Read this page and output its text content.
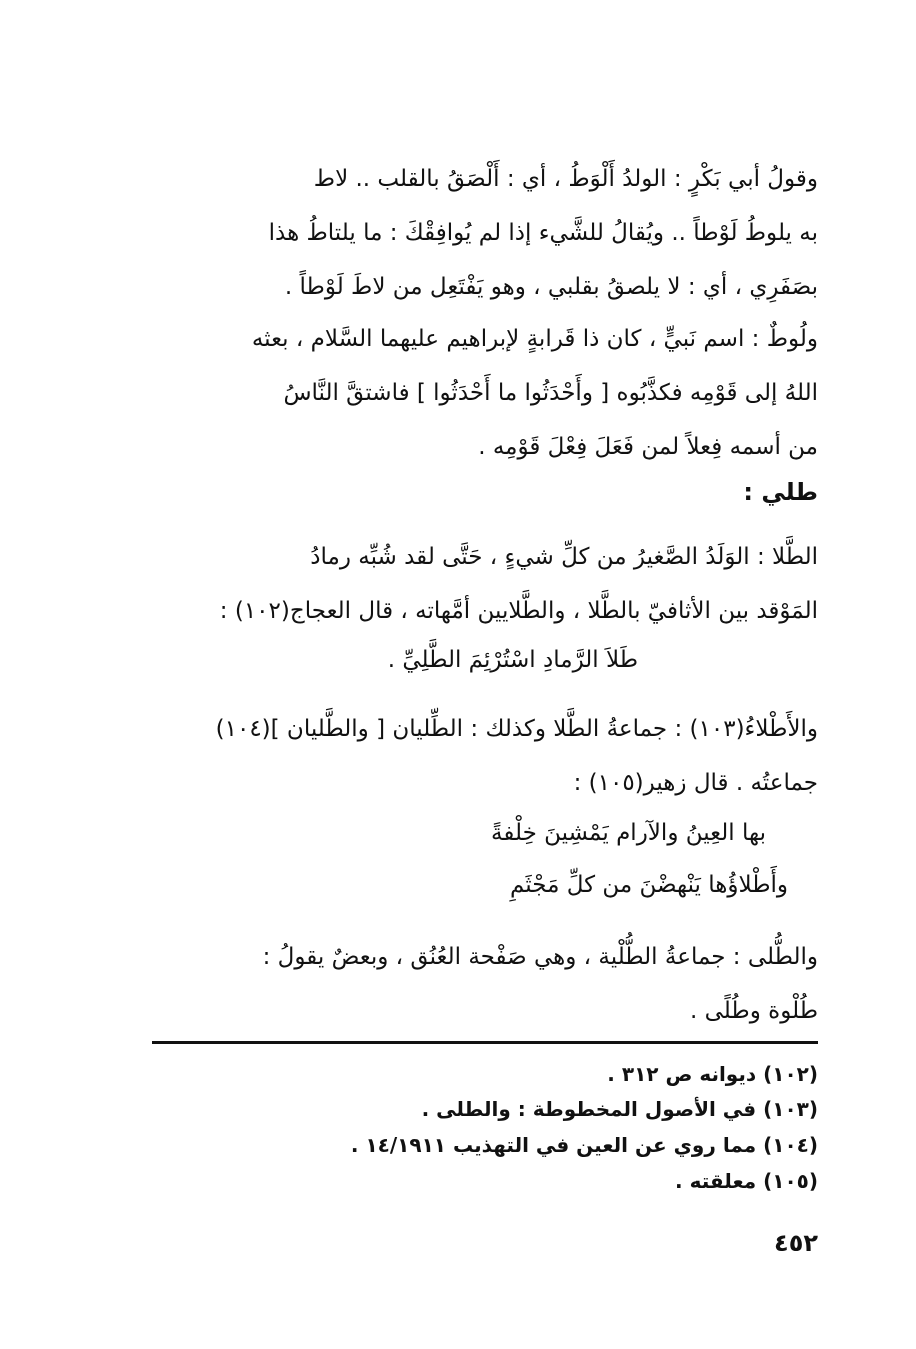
وقولُ أبي بَكْرٍ : الولدُ أَلْوَطُ ، أي : أَلْصَقُ بالقلب .. لاط
به يلوطُ لَوْطاً .. ويُقالُ للشَّيء إذا لم يُوافِقْكَ : ما يلتاطُ هذا
بصَفَرِي ، أي : لا يلصقُ بقلبي ، وهو يَفْتَعِل من لاطَ لَوْطاً .
ولُوطٌ : اسم نَبيٍّ ، كان ذا قَرابةٍ لإبراهيم عليهما السَّلام ، بعثه
اللهُ إلى قَوْمِه فكذَّبُوه [ وأَحْدَثُوا ما أَحْدَثُوا ] فاشتقَّ النَّاسُ
من أسمه فِعلاً لمن فَعَلَ فِعْلَ قَوْمِه .
طلي :
الطَّلا : الوَلَدُ الصَّغيرُ من كلِّ شيءٍ ، حَتَّى لقد شُبِّه رمادُ
المَوْقد بين الأثافيّ بالطَّلا ، والطَّلايين أمَّهاته ، قال العجاج(١٠٢) :
طَلاَ الرَّمادِ اسْتُرْئِمَ الطَّلِيِّ .
والأَطْلاءُ(١٠٣) : جماعةُ الطَّلا وكذلك : الطِّليان [ والطَّليان ](١٠٤)
جماعتُه . قال زهير(١٠٥) :
بها العِينُ والآرام يَمْشِينَ خِلْفةً
وأَطْلاؤُها يَنْهضْنَ من كلِّ مَجْثَمِ
والطُّلى : جماعةُ الطُّلْية ، وهي صَفْحة العُنُق ، وبعضٌ يقولُ :
طُلْوة وطُلًى .
(١٠٢) ديوانه ص ٣١٢ .
(١٠٣) في الأصول المخطوطة : والطلى .
(١٠٤) مما روي عن العين في التهذيب ١٤/١٩١١ .
(١٠٥) معلقته .
٤٥٢
